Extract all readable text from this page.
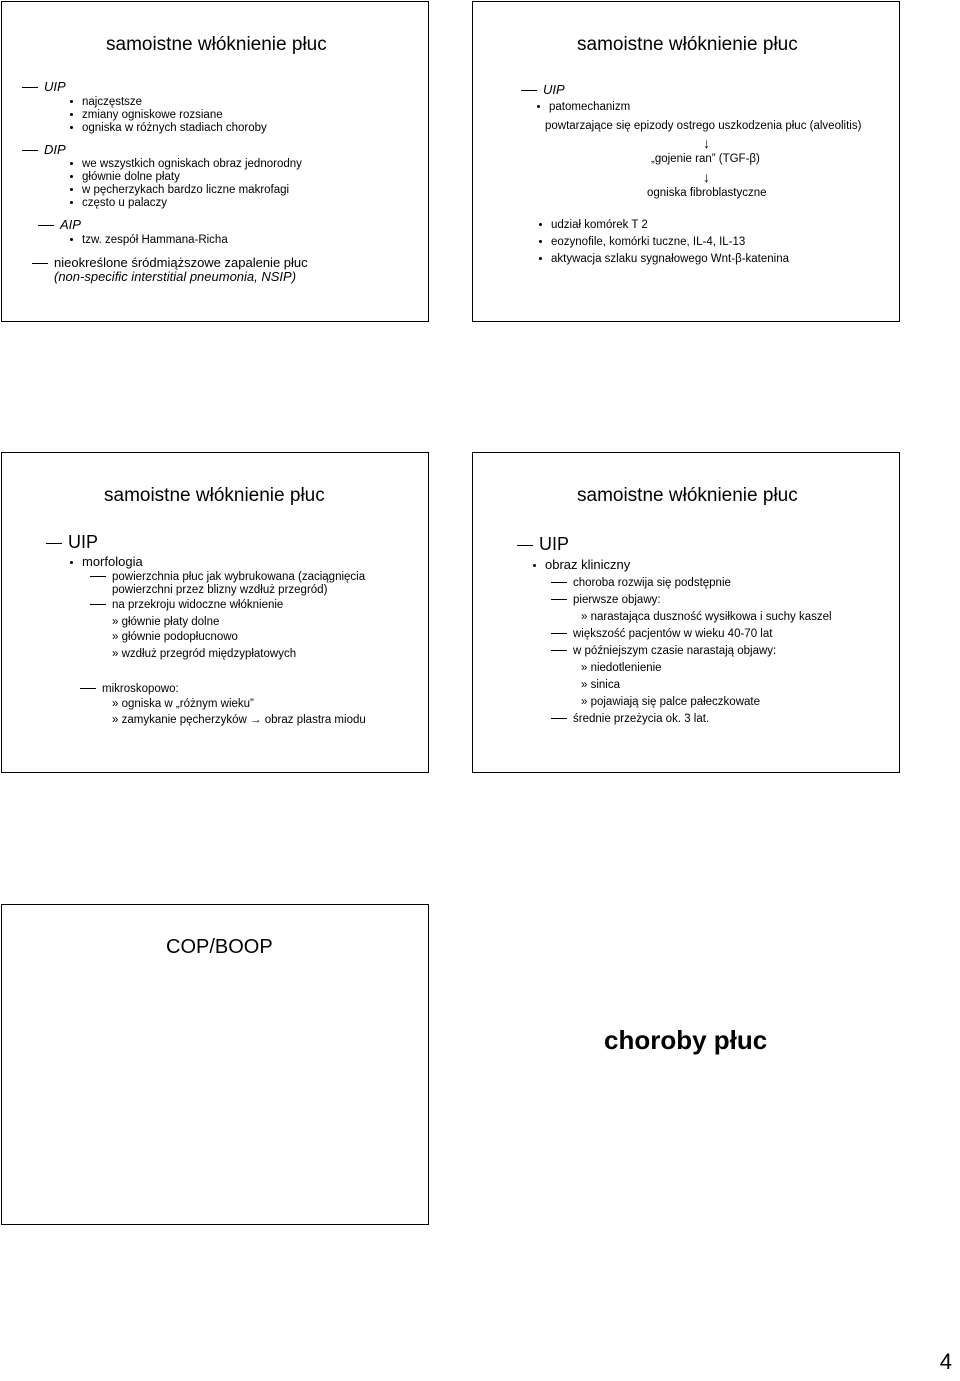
samoistne włóknienie płuc
UIP
najczęstsze
zmiany ogniskowe rozsiane
ogniska w różnych stadiach choroby
DIP
we wszystkich ogniskach obraz jednorodny
głównie dolne płaty
w pęcherzykach bardzo liczne makrofagi
często u palaczy
AIP
tzw. zespół Hammana-Richa
nieokreślone śródmiąższowe zapalenie płuc
(non-specific interstitial pneumonia, NSIP)
samoistne włóknienie płuc
UIP
patomechanizm
powtarzające się epizody ostrego uszkodzenia płuc (alveolitis)
↓
„gojenie ran” (TGF-β)
↓
ogniska fibroblastyczne
udział komórek T 2
eozynofile, komórki tuczne, IL-4, IL-13
aktywacja szlaku sygnałowego Wnt-β-katenina
samoistne włóknienie płuc
UIP
morfologia
powierzchnia płuc jak wybrukowana (zaciągnięcia
powierzchni przez blizny wzdłuż przegród)
na przekroju widoczne włóknienie
» głównie płaty dolne
» głównie podopłucnowo
» wzdłuż przegród międzypłatowych
mikroskopowo:
» ogniska w „różnym wieku”
» zamykanie pęcherzyków → obraz plastra miodu
samoistne włóknienie płuc
UIP
obraz kliniczny
choroba rozwija się podstępnie
pierwsze objawy:
» narastająca duszność wysiłkowa i suchy kaszel
większość pacjentów w wieku 40-70 lat
w późniejszym czasie narastają objawy:
» niedotlenienie
» sinica
» pojawiają się palce pałeczkowate
średnie przeżycia ok. 3 lat.
COP/BOOP
choroby płuc
4
